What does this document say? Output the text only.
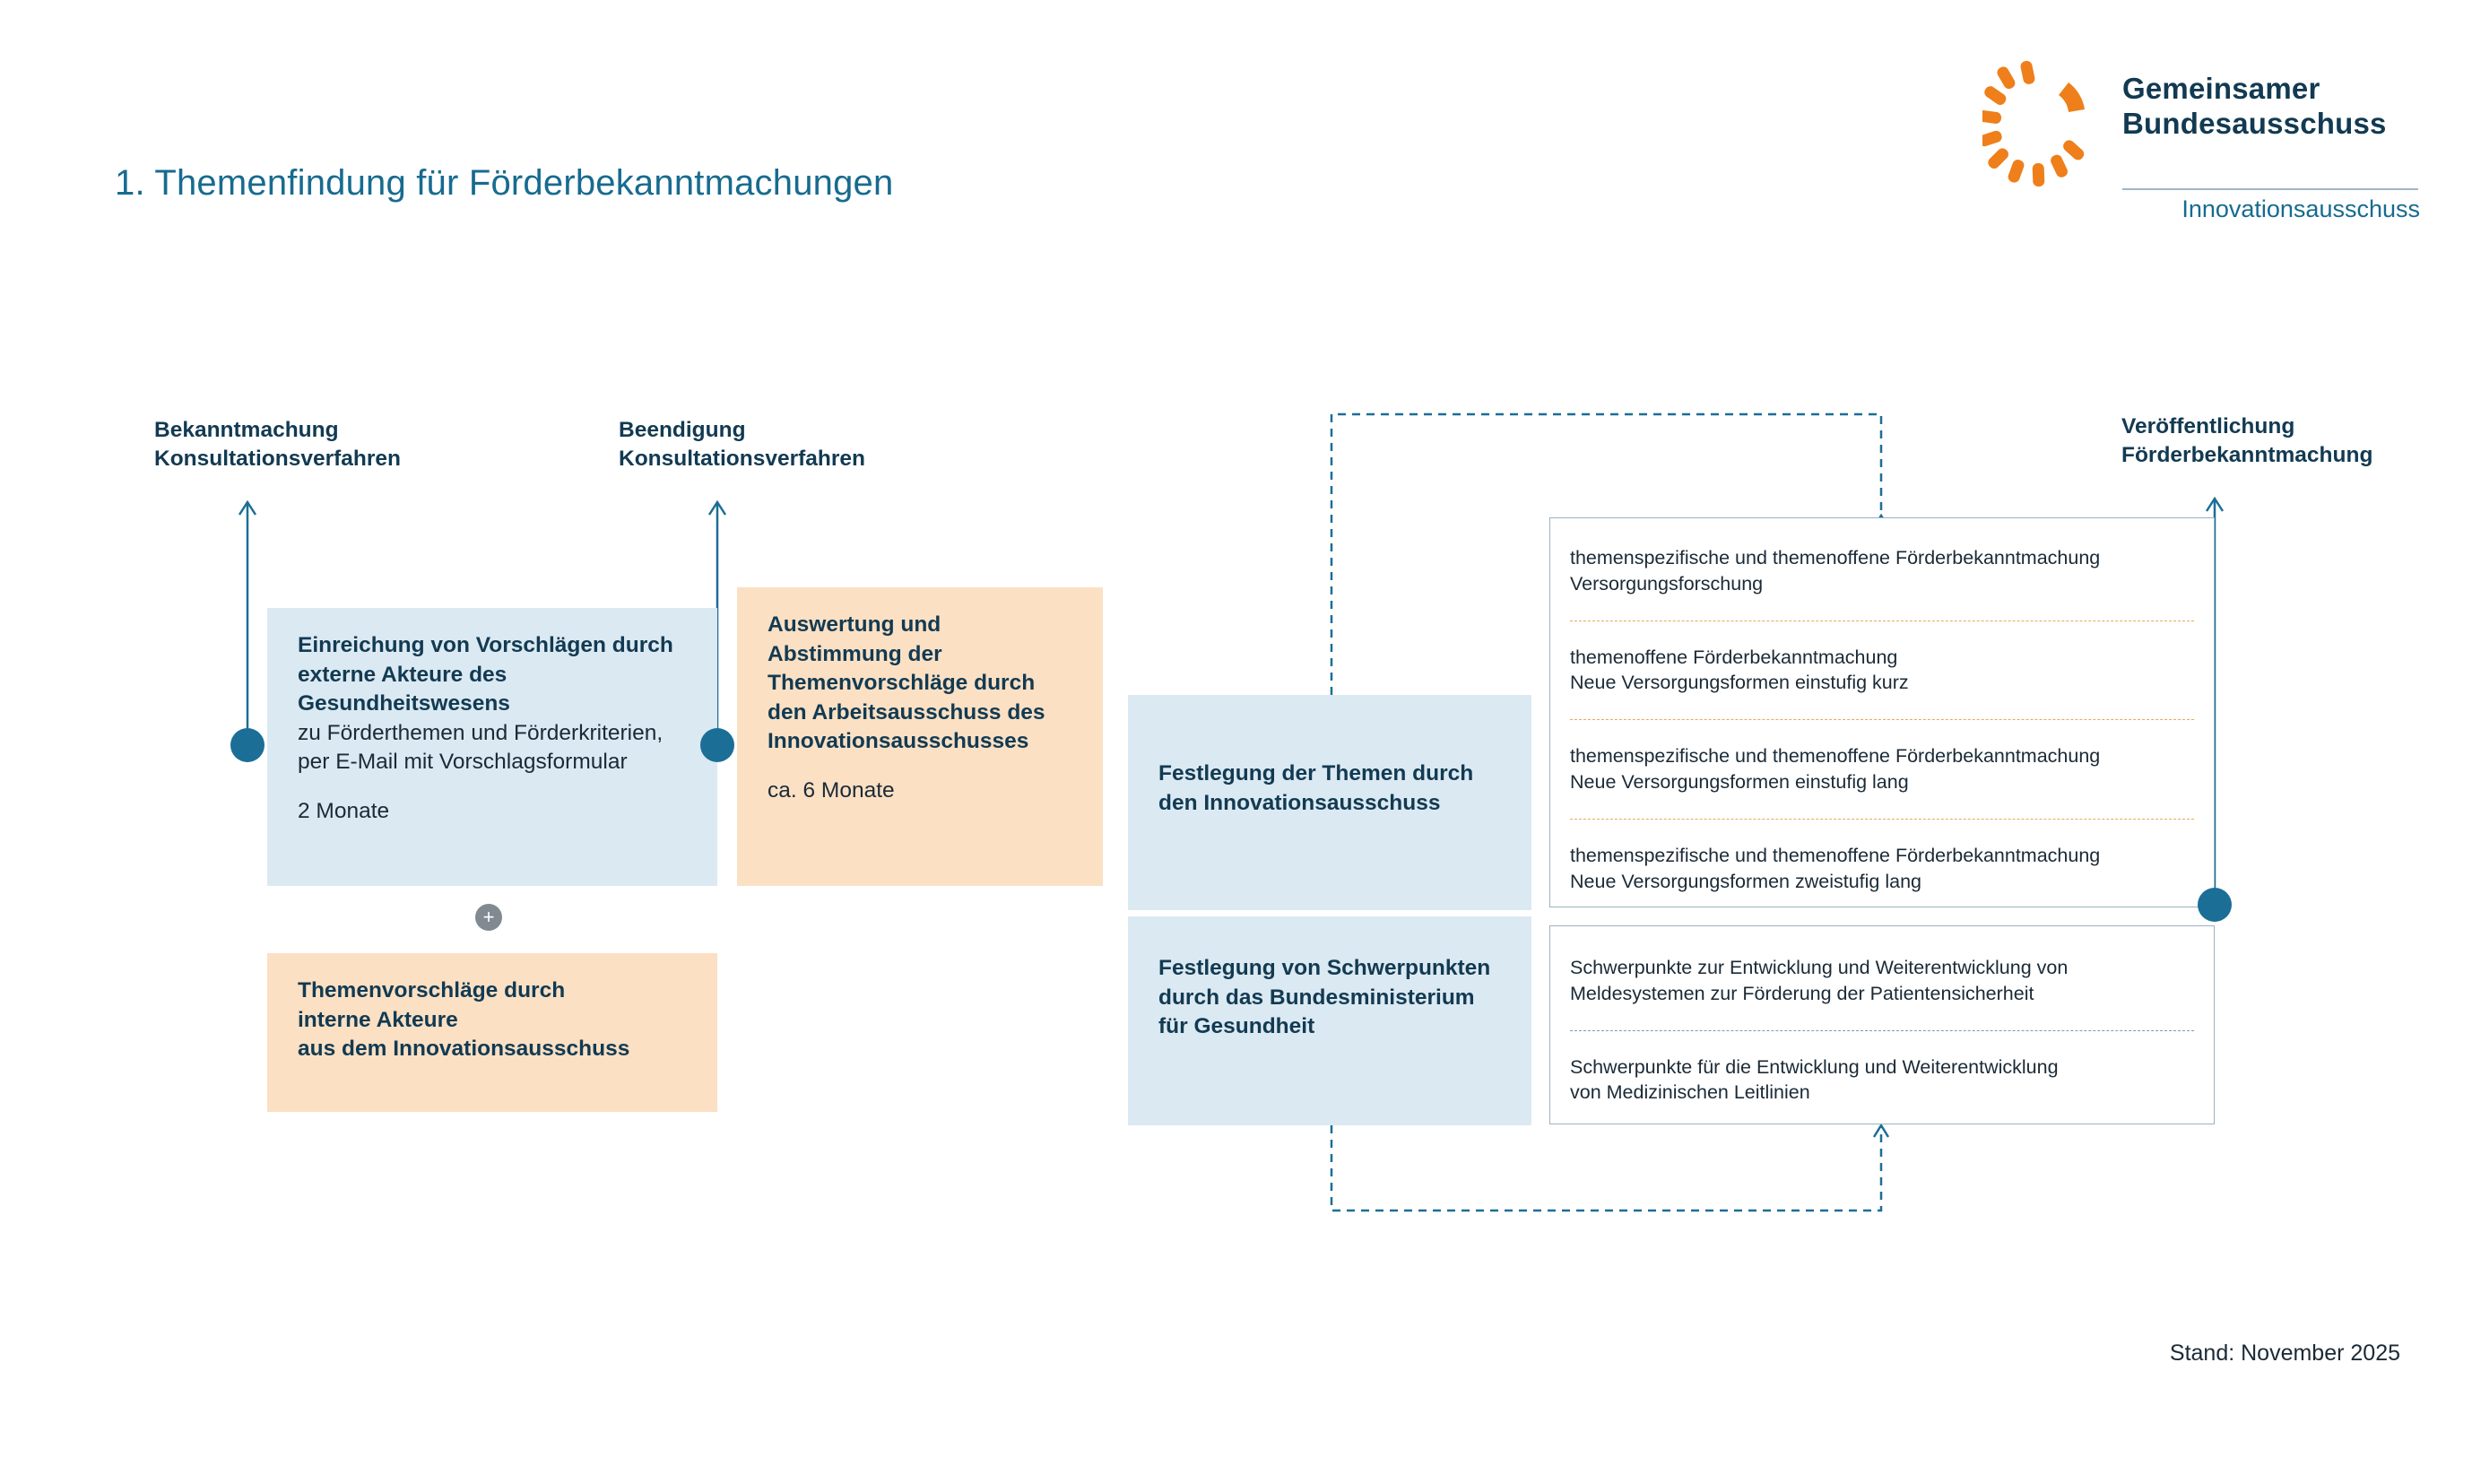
1. Themenfindung für Förderbekanntmachungen
Gemeinsamer
Bundesausschuss
Innovationsausschuss
Bekanntmachung
Konsultationsverfahren
Beendigung
Konsultationsverfahren
Veröffentlichung
Förderbekanntmachung
Einreichung von Vorschlägen durch externe Akteure des Gesundheitswesens
zu Förderthemen und Förderkriterien, per E-Mail mit Vorschlagsformular
2 Monate
+
Themenvorschläge durch
interne Akteure
aus dem Innovationsausschuss
Auswertung und Abstimmung der Themenvorschläge durch den Arbeitsausschuss des Innovationsausschusses
ca. 6 Monate
Festlegung der Themen durch den Innovationsausschuss
Festlegung von Schwerpunkten durch das Bundesministerium für Gesundheit
themenspezifische und themenoffene Förderbekanntmachung
Versorgungsforschung
themenoffene Förderbekanntmachung
Neue Versorgungsformen einstufig kurz
themenspezifische und themenoffene Förderbekanntmachung
Neue Versorgungsformen einstufig lang
themenspezifische und themenoffene Förderbekanntmachung
Neue Versorgungsformen zweistufig lang
Schwerpunkte zur Entwicklung und Weiterentwicklung von
Meldesystemen zur Förderung der Patientensicherheit
Schwerpunkte für die Entwicklung und Weiterentwicklung
von Medizinischen Leitlinien
Stand: November 2025
